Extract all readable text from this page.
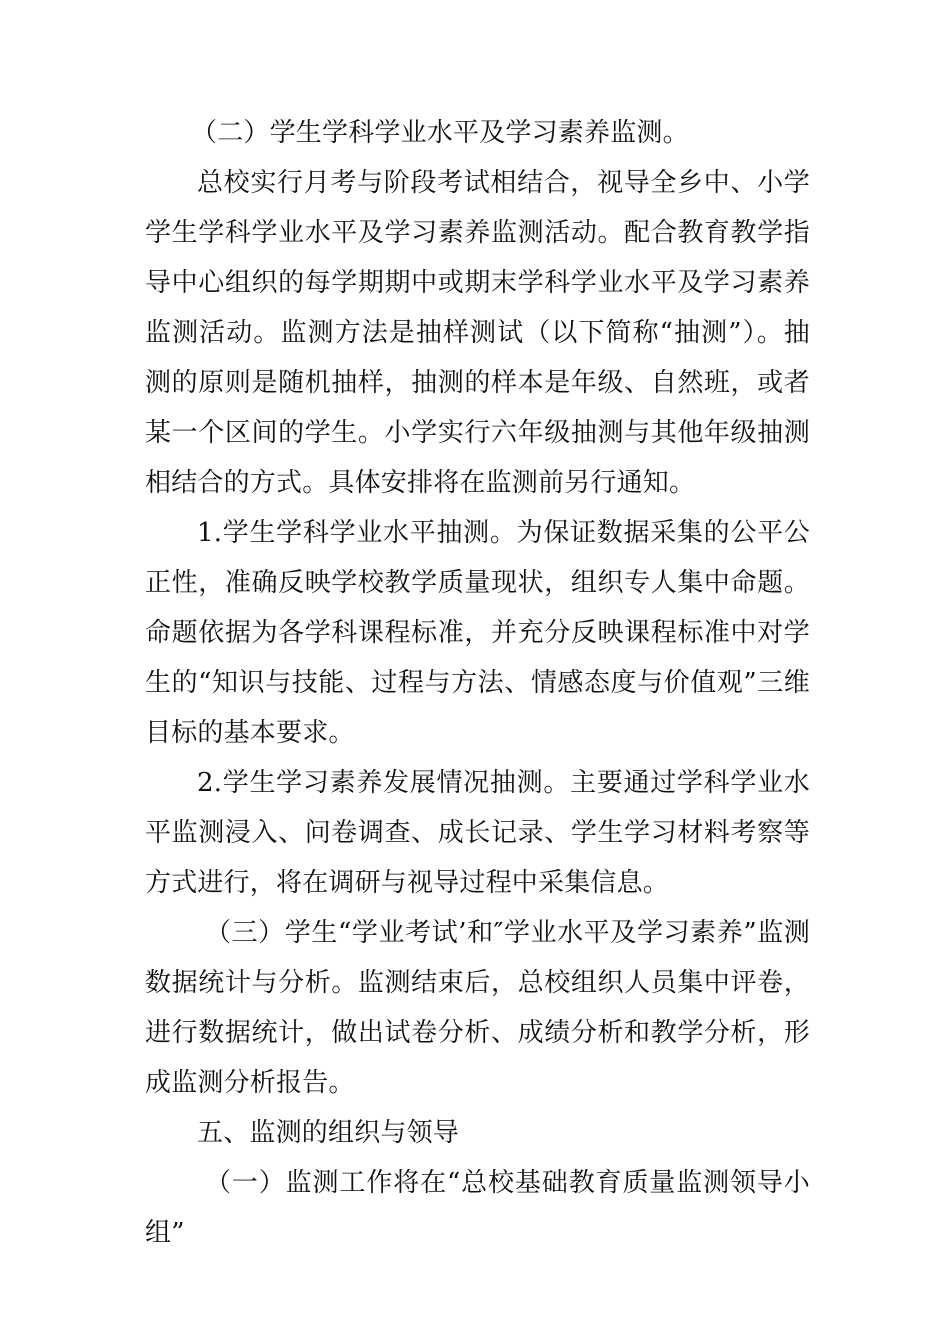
（二）学生学科学业水平及学习素养监测。

总校实行月考与阶段考试相结合，视导全乡中、小学学生学科学业水平及学习素养监测活动。配合教育教学指导中心组织的每学期期中或期末学科学业水平及学习素养监测活动。监测方法是抽样测试（以下简称“抽测”）。抽测的原则是随机抽样，抽测的样本是年级、自然班，或者某一个区间的学生。小学实行六年级抽测与其他年级抽测相结合的方式。具体安排将在监测前另行通知。

1.学生学科学业水平抽测。为保证数据采集的公平公正性，准确反映学校教学质量现状，组织专人集中命题。命题依据为各学科课程标准，并充分反映课程标准中对学生的“知识与技能、过程与方法、情感态度与价值观”三维目标的基本要求。

2.学生学习素养发展情况抽测。主要通过学科学业水平监测浸入、问卷调查、成长记录、学生学习材料考察等方式进行，将在调研与视导过程中采集信息。

（三）学生“学业考试’和″学业水平及学习素养”监测数据统计与分析。监测结束后，总校组织人员集中评卷，进行数据统计，做出试卷分析、成绩分析和教学分析，形成监测分析报告。

五、监测的组织与领导

（一）监测工作将在“总校基础教育质量监测领导小组”
